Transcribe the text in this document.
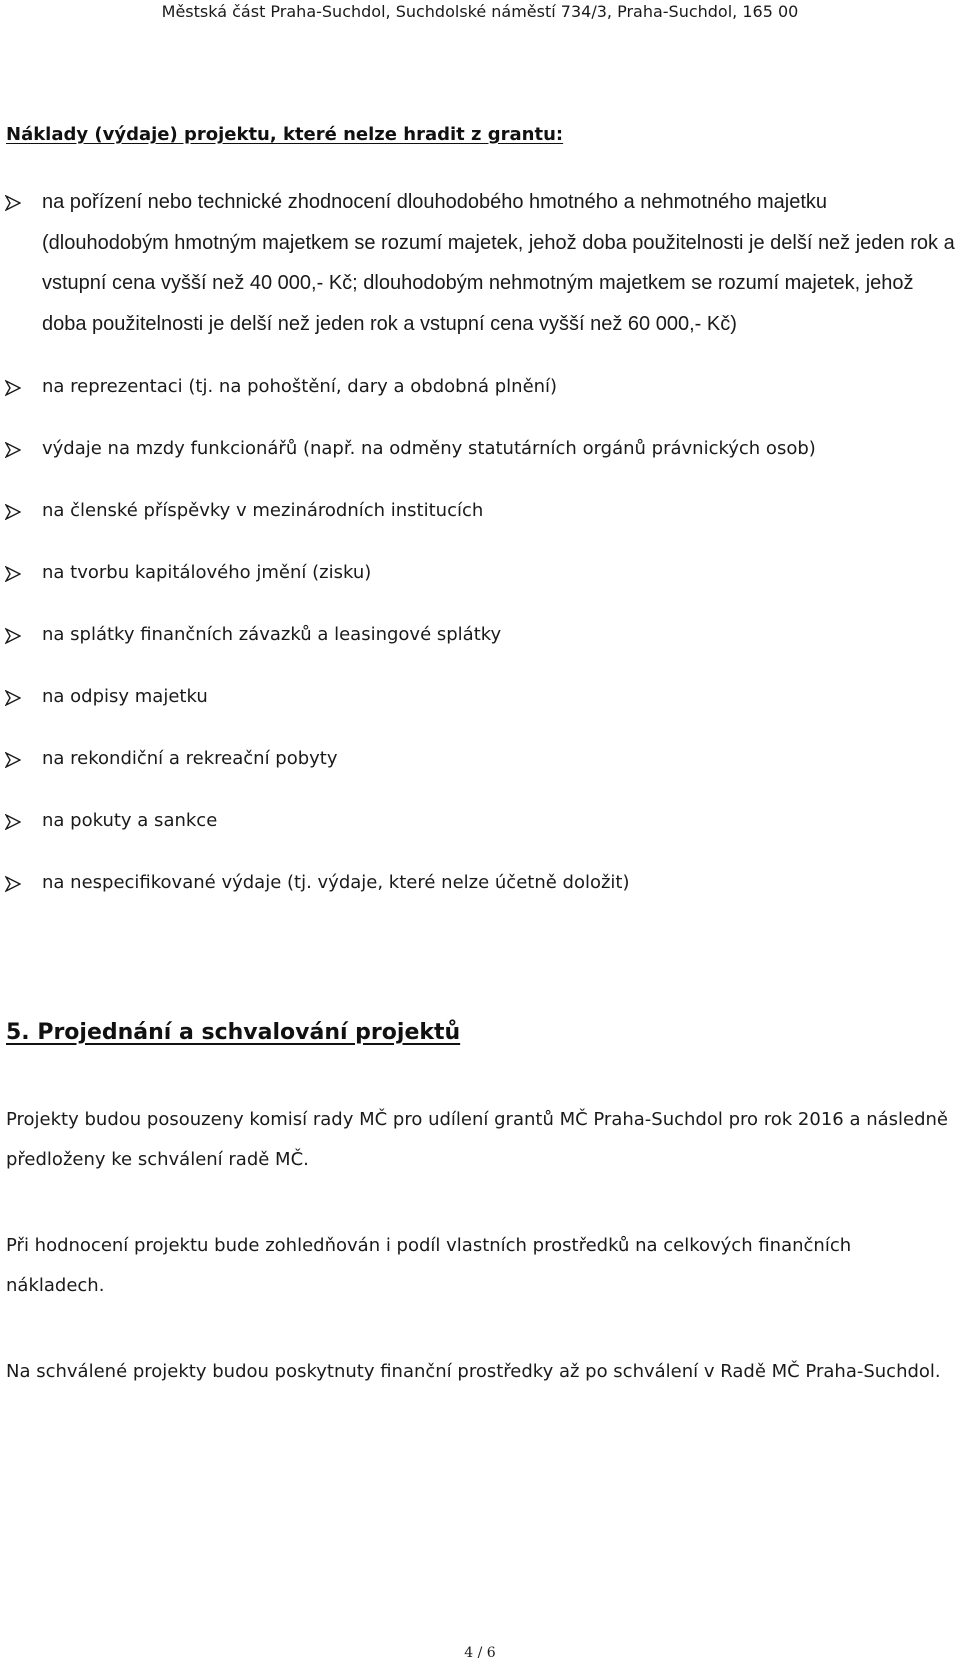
Městská část Praha-Suchdol, Suchdolské náměstí 734/3, Praha-Suchdol, 165 00
Náklady (výdaje) projektu, které nelze hradit z grantu:
na pořízení nebo technické zhodnocení dlouhodobého hmotného a nehmotného majetku (dlouhodobým hmotným majetkem se rozumí majetek, jehož doba použitelnosti je delší než jeden rok a vstupní cena vyšší než 40 000,- Kč; dlouhodobým nehmotným majetkem se rozumí majetek, jehož doba použitelnosti je delší než jeden rok a vstupní cena vyšší než 60 000,- Kč)
na reprezentaci (tj. na pohoštění, dary a obdobná plnění)
výdaje na mzdy funkcionářů (např. na odměny statutárních orgánů právnických osob)
na členské příspěvky v mezinárodních institucích
na tvorbu kapitálového jmění (zisku)
na splátky finančních závazků a leasingové splátky
na odpisy majetku
na rekondiční a rekreační pobyty
na pokuty a sankce
na nespecifikované výdaje (tj. výdaje, které nelze účetně doložit)
5. Projednání a schvalování projektů
Projekty budou posouzeny komisí rady MČ pro udílení grantů MČ Praha-Suchdol pro rok 2016 a následně předloženy ke schválení radě MČ.
Při hodnocení projektu bude zohledňován i podíl vlastních prostředků na celkových finančních nákladech.
Na schválené projekty budou poskytnuty finanční prostředky až po schválení v Radě MČ Praha-Suchdol.
4 / 6
